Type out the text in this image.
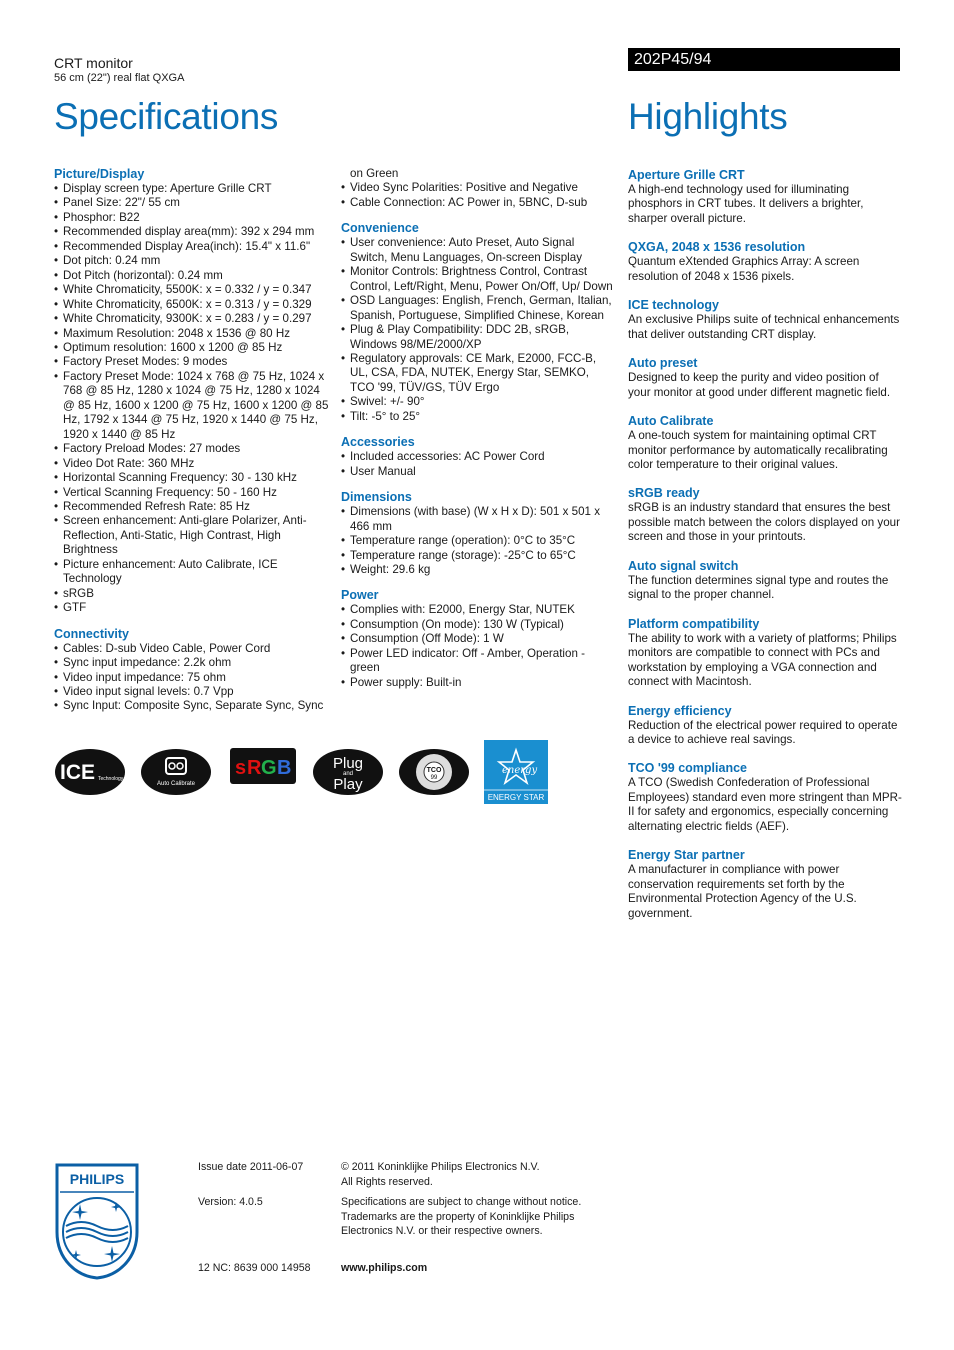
CRT monitor
56 cm (22") real flat QXGA
Specifications
202P45/94
Highlights
Picture/Display
• Display screen type: Aperture Grille CRT
• Panel Size: 22"/ 55 cm
• Phosphor: B22
• Recommended display area(mm): 392 x 294 mm
• Recommended Display Area(inch): 15.4" x 11.6"
• Dot pitch: 0.24 mm
• Dot Pitch (horizontal): 0.24 mm
• White Chromaticity, 5500K: x = 0.332 / y = 0.347
• White Chromaticity, 6500K: x = 0.313 / y = 0.329
• White Chromaticity, 9300K: x = 0.283 / y = 0.297
• Maximum Resolution: 2048 x 1536 @ 80 Hz
• Optimum resolution: 1600 x 1200 @ 85 Hz
• Factory Preset Modes: 9 modes
• Factory Preset Mode: 1024 x 768 @ 75 Hz, 1024 x 768 @ 85 Hz, 1280 x 1024 @ 75 Hz, 1280 x 1024 @ 85 Hz, 1600 x 1200 @ 75 Hz, 1600 x 1200 @ 85 Hz, 1792 x 1344 @ 75 Hz, 1920 x 1440 @ 75 Hz, 1920 x 1440 @ 85 Hz
• Factory Preload Modes: 27 modes
• Video Dot Rate: 360 MHz
• Horizontal Scanning Frequency: 30 - 130 kHz
• Vertical Scanning Frequency: 50 - 160 Hz
• Recommended Refresh Rate: 85 Hz
• Screen enhancement: Anti-glare Polarizer, Anti-Reflection, Anti-Static, High Contrast, High Brightness
• Picture enhancement: Auto Calibrate, ICE Technology
• sRGB
• GTF
Connectivity
• Cables: D-sub Video Cable, Power Cord
• Sync input impedance: 2.2k ohm
• Video input impedance: 75 ohm
• Video input signal levels: 0.7 Vpp
• Sync Input: Composite Sync, Separate Sync, Sync
on Green
• Video Sync Polarities: Positive and Negative
• Cable Connection: AC Power in, 5BNC, D-sub
Convenience
• User convenience: Auto Preset, Auto Signal Switch, Menu Languages, On-screen Display
• Monitor Controls: Brightness Control, Contrast Control, Left/Right, Menu, Power On/Off, Up/ Down
• OSD Languages: English, French, German, Italian, Spanish, Portuguese, Simplified Chinese, Korean
• Plug & Play Compatibility: DDC 2B, sRGB, Windows 98/ME/2000/XP
• Regulatory approvals: CE Mark, E2000, FCC-B, UL, CSA, FDA, NUTEK, Energy Star, SEMKO, TCO '99, TÜV/GS, TÜV Ergo
• Swivel: +/- 90°
• Tilt: -5° to 25°
Accessories
• Included accessories: AC Power Cord
• User Manual
Dimensions
• Dimensions (with base) (W x H x D): 501 x 501 x 466 mm
• Temperature range (operation): 0°C to 35°C
• Temperature range (storage): -25°C to 65°C
• Weight: 29.6 kg
Power
• Complies with: E2000, Energy Star, NUTEK
• Consumption (On mode): 130 W (Typical)
• Consumption (Off Mode): 1 W
• Power LED indicator: Off - Amber, Operation - green
• Power supply: Built-in
ICE Technology
Auto Calibrate
s R G B	Plug
and
Play
TCO
99
energy
ENERGY STAR
Aperture Grille CRT

A high-end technology used for illuminating phosphors in CRT tubes. It delivers a brighter, sharper overall picture.

QXGA, 2048 x 1536 resolution

Quantum eXtended Graphics Array: A screen resolution of 2048 x 1536 pixels.

ICE technology

An exclusive Philips suite of technical enhancements that deliver outstanding CRT display.

Auto preset

Designed to keep the purity and video position of your monitor at good under different magnetic field.

Auto Calibrate

A one-touch system for maintaining optimal CRT monitor performance by automatically recalibrating color temperature to their original values.

sRGB ready

sRGB is an industry standard that ensures the best possible match between the colors displayed on your screen and those in your printouts.

Auto signal switch

The function determines signal type and routes the signal to the proper channel.

Platform compatibility

The ability to work with a variety of platforms; Philips monitors are compatible to connect with PCs and workstation by employing a VGA connection and connect with Macintosh.

Energy efficiency

Reduction of the electrical power required to operate a device to achieve real savings.

TCO '99 compliance

A TCO (Swedish Confederation of Professional Employees) standard even more stringent than MPR-II for safety and ergonomics, especially concerning alternating electric fields (AEF).

Energy Star partner

A manufacturer in compliance with power conservation requirements set forth by the Environmental Protection Agency of the U.S. government.

PHILIPS
Issue date 2011-06-07
Version: 4.0.5
12 NC: 8639 000 14958
© 2011 Koninklijke Philips Electronics N.V.
All Rights reserved.
Specifications are subject to change without notice. Trademarks are the property of Koninklijke Philips Electronics N.V. or their respective owners.
www.philips.com
